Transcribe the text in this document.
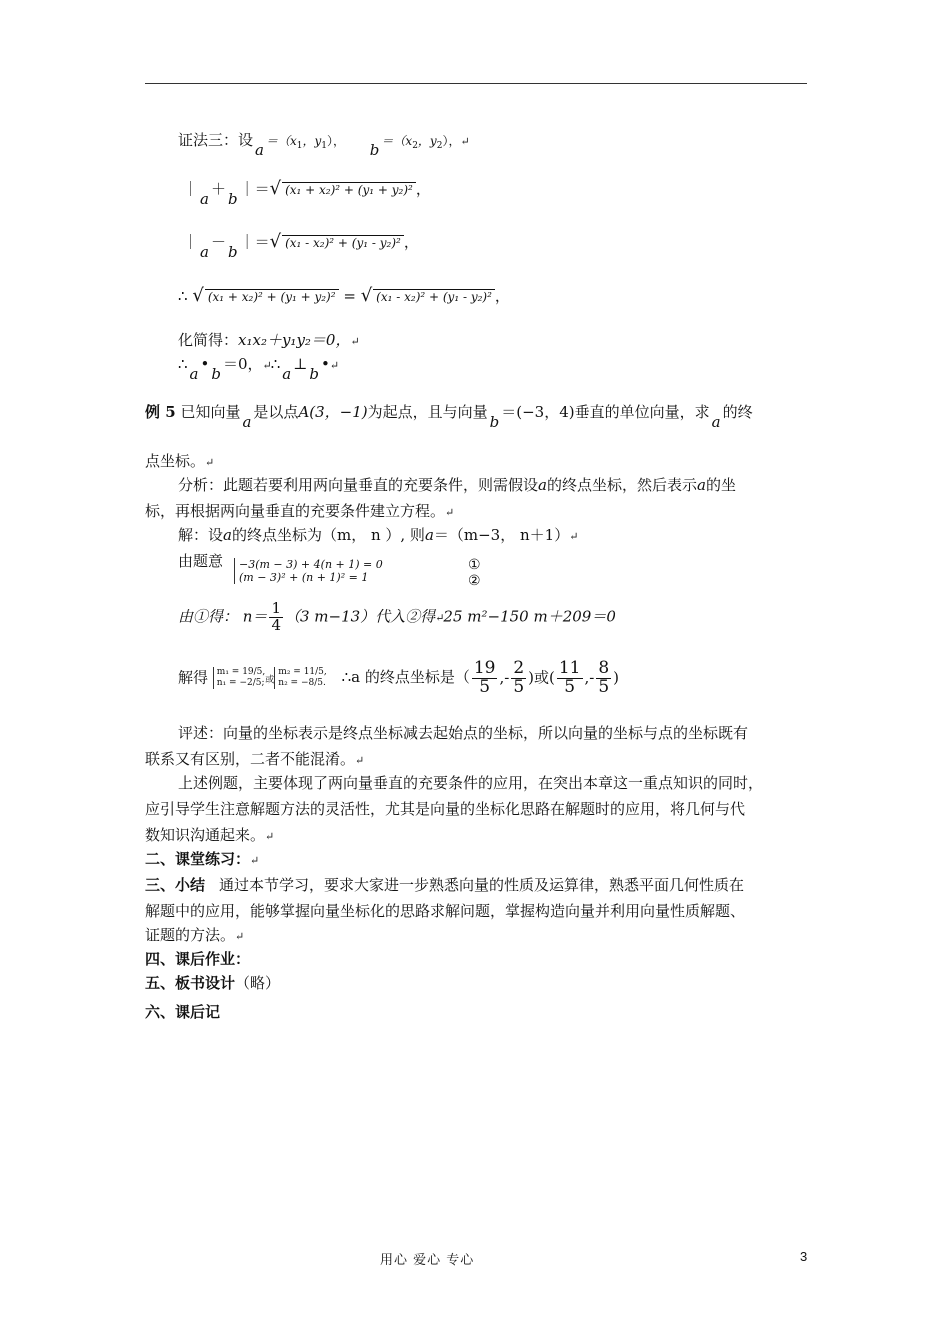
证法三：设$a =(x_1$，$y_1$）， $b =(x_2$，$y_2$），↵
｜a＋b｜＝√ (x₁ + x₂)² + (y₁ + y₂)² ，
｜a－b｜＝√ (x₁ - x₂)² + (y₁ - y₂)² ，
∴ √ (x₁ + x₂)² + (y₁ + y₂)² = √ (x₁ - x₂)² + (y₁ - y₂)² ，
化简得：x₁x₂＋y₁y₂＝0，↵
∴a•b＝0，↵∴a⊥b•↵
例 5 已知向量a是以点A(3，−1)为起点，且与向量b＝(−3，4)垂直的单位向量，求a的终
点坐标。↵
分析：此题若要利用两向量垂直的充要条件，则需假设a的终点坐标，然后表示a的坐
标，再根据两向量垂直的充要条件建立方程。↵
解：设a的终点坐标为（m， n ）, 则a＝（m−3， n＋1）↵
由题意 −3(m − 3) + 4(n + 1) = 0
(m − 3)² + (n + 1)² = 1
①
②
由①得： $n= \frac{1}{4} (3$ m−13）代入②得↵25 m²−150 m＋209＝0
解得 m₁ = 19/5,
n₁ = −2/5;或m₂ = 11/5,
n₂ = −8/5. ∴a 的终点坐标是（ $\frac{19}{5}$ ,- $\frac{2}{5}$ )或( $\frac{11}{5}$ ,- $\frac{8}{5}$ )
评述：向量的坐标表示是终点坐标减去起始点的坐标，所以向量的坐标与点的坐标既有
联系又有区别，二者不能混淆。↵
上述例题，主要体现了两向量垂直的充要条件的应用，在突出本章这一重点知识的同时，
应引导学生注意解题方法的灵活性，尤其是向量的坐标化思路在解题时的应用，将几何与代
数知识沟通起来。↵
二、课堂练习：↵
三、小结 通过本节学习，要求大家进一步熟悉向量的性质及运算律，熟悉平面几何性质在
解题中的应用，能够掌握向量坐标化的思路求解问题，掌握构造向量并利用向量性质解题、
证题的方法。↵
四、课后作业：
五、板书设计（略）
六、课后记
用心 爱心 专心	3
